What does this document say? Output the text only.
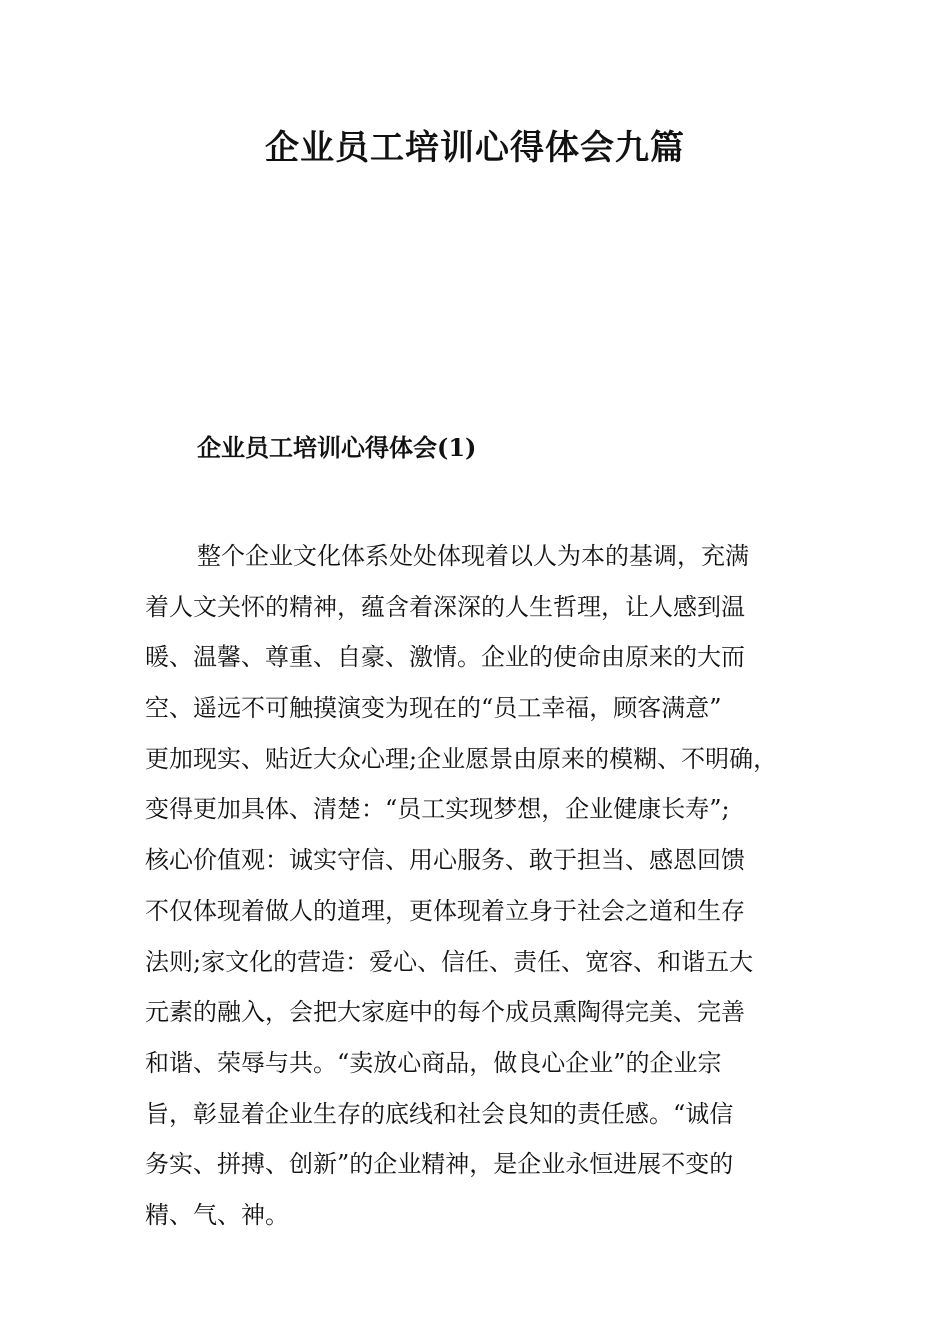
企业员工培训心得体会九篇
企业员工培训心得体会(1)
整个企业文化体系处处体现着以人为本的基调，充满
着人文关怀的精神，蕴含着深深的人生哲理，让人感到温
暖、温馨、尊重、自豪、激情。企业的使命由原来的大而
空、遥远不可触摸演变为现在的“员工幸福，顾客满意”
更加现实、贴近大众心理;企业愿景由原来的模糊、不明确，
变得更加具体、清楚：“员工实现梦想，企业健康长寿”;
核心价值观：诚实守信、用心服务、敢于担当、感恩回馈
不仅体现着做人的道理，更体现着立身于社会之道和生存
法则;家文化的营造：爱心、信任、责任、宽容、和谐五大
元素的融入，会把大家庭中的每个成员熏陶得完美、完善
和谐、荣辱与共。“卖放心商品，做良心企业”的企业宗
旨，彰显着企业生存的底线和社会良知的责任感。“诚信
务实、拼搏、创新”的企业精神，是企业永恒进展不变的
精、气、神。
